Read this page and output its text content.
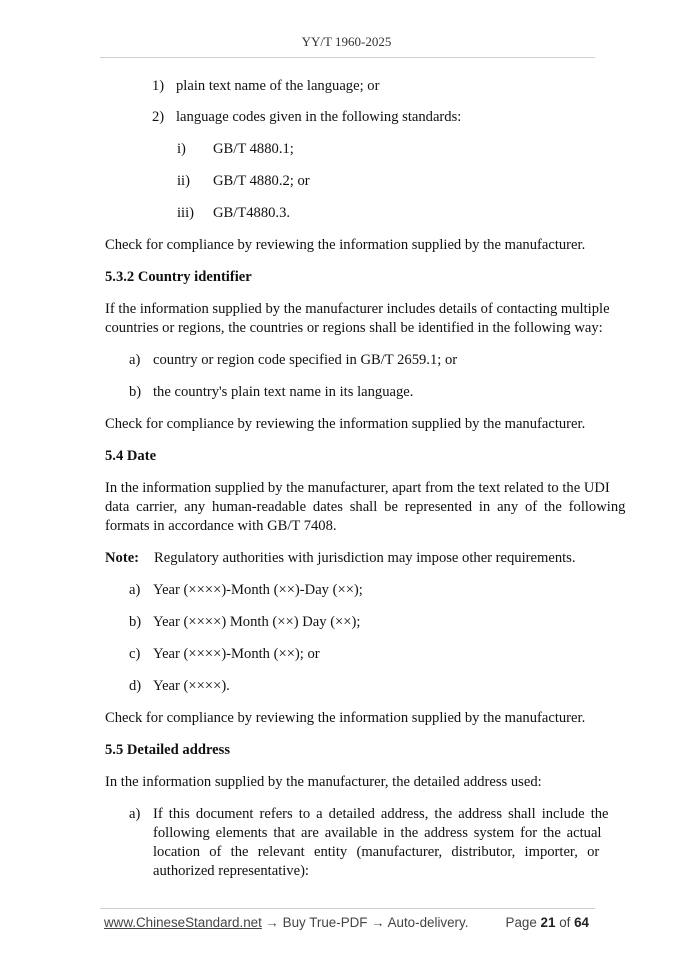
YY/T 1960-2025
1) plain text name of the language; or
2) language codes given in the following standards:
i) GB/T 4880.1;
ii) GB/T 4880.2; or
iii) GB/T4880.3.
Check for compliance by reviewing the information supplied by the manufacturer.
5.3.2 Country identifier
If the information supplied by the manufacturer includes details of contacting multiple
countries or regions, the countries or regions shall be identified in the following way:
a) country or region code specified in GB/T 2659.1; or
b) the country's plain text name in its language.
Check for compliance by reviewing the information supplied by the manufacturer.
5.4 Date
In the information supplied by the manufacturer, apart from the text related to the UDI
data carrier, any human-readable dates shall be represented in any of the following
formats in accordance with GB/T 7408.
Note: Regulatory authorities with jurisdiction may impose other requirements.
a) Year (××××)-Month (××)-Day (××);
b) Year (××××) Month (××) Day (××);
c) Year (××××)-Month (××); or
d) Year (××××).
Check for compliance by reviewing the information supplied by the manufacturer.
5.5 Detailed address
In the information supplied by the manufacturer, the detailed address used:
a) If this document refers to a detailed address, the address shall include the
following elements that are available in the address system for the actual
location of the relevant entity (manufacturer, distributor, importer, or
authorized representative):
www.ChineseStandard.net → Buy True-PDF → Auto-delivery.	Page 21 of 64
